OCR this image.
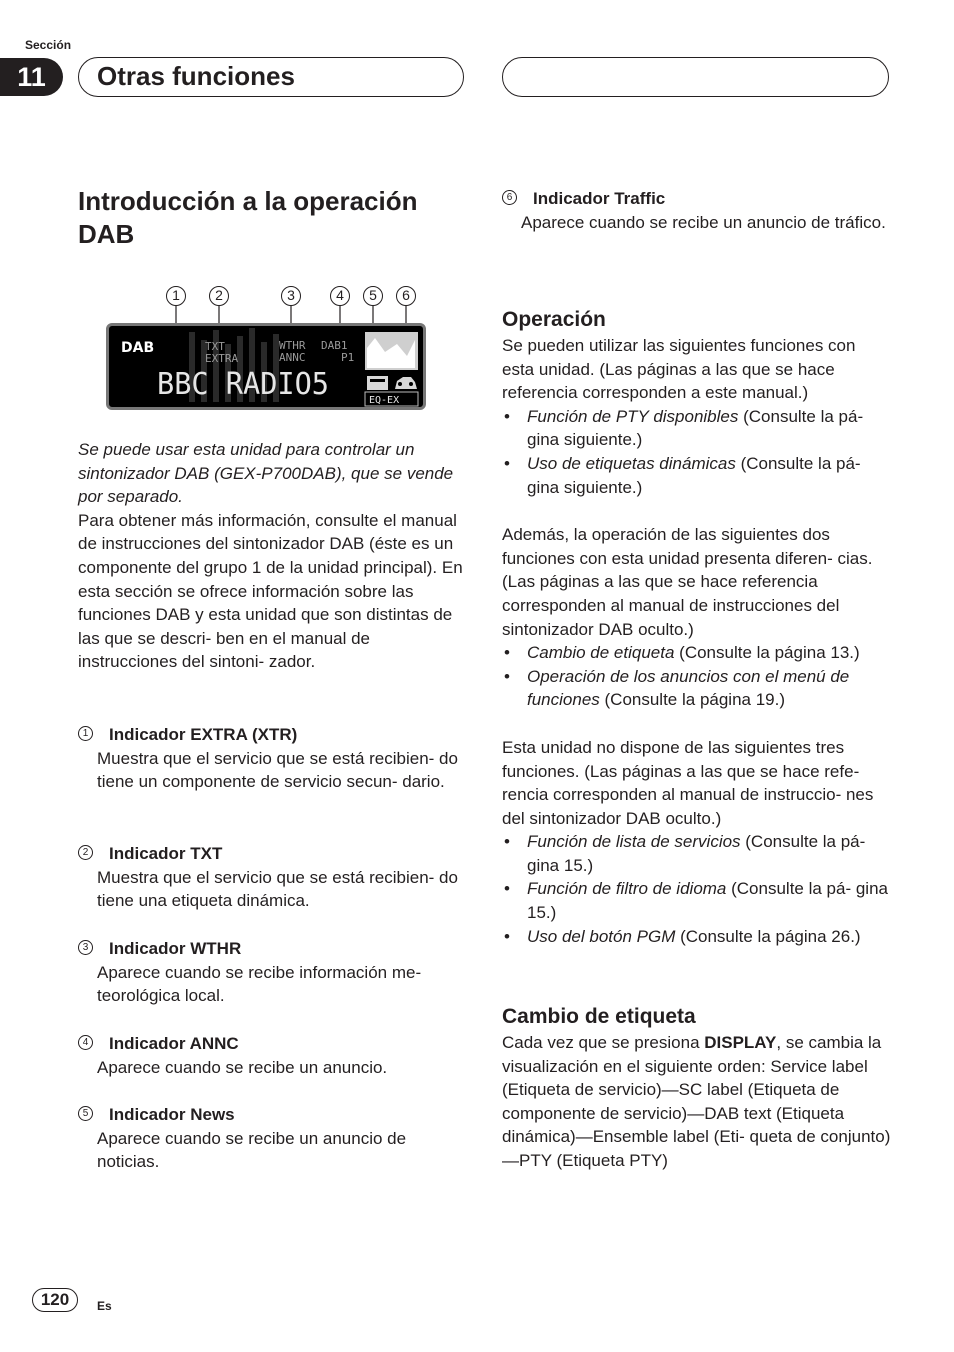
Sección
11	Otras funciones
Introducción a la operación DAB
1	2	3	4	5	6
DAB	TXT
EXTRA
WTHR DAB1
ANNC	P1
BBC RADIO5	EQ-EX

Se puede usar esta unidad para controlar un sintonizador DAB (GEX-P700DAB), que se vende por separado.

Para obtener más información, consulte el manual de instrucciones del sintonizador DAB (éste es un componente del grupo 1 de la unidad principal). En esta sección se ofrece información sobre las funciones DAB y esta unidad que son distintas de las que se descri- ben en el manual de instrucciones del sintoni- zador.

1 Indicador EXTRA (XTR)
Muestra que el servicio que se está recibien- do tiene un componente de servicio secun- dario.
2 Indicador TXT
Muestra que el servicio que se está recibien- do tiene una etiqueta dinámica.
3 Indicador WTHR
Aparece cuando se recibe información me- teorológica local.
4 Indicador ANNC
Aparece cuando se recibe un anuncio.
5 Indicador News
Aparece cuando se recibe un anuncio de noticias.
6 Indicador Traffic
Aparece cuando se recibe un anuncio de tráfico.
Operación

Se pueden utilizar las siguientes funciones con esta unidad. (Las páginas a las que se hace referencia corresponden a este manual.)

• Función de PTY disponibles (Consulte la pá- gina siguiente.)
• Uso de etiquetas dinámicas (Consulte la pá- gina siguiente.)

Además, la operación de las siguientes dos funciones con esta unidad presenta diferen- cias. (Las páginas a las que se hace referencia corresponden al manual de instrucciones del sintonizador DAB oculto.)

• Cambio de etiqueta (Consulte la página 13.)
• Operación de los anuncios con el menú de funciones (Consulte la página 19.)

Esta unidad no dispone de las siguientes tres funciones. (Las páginas a las que se hace refe- rencia corresponden al manual de instruccio- nes del sintonizador DAB oculto.)

• Función de lista de servicios (Consulte la pá- gina 15.)
• Función de filtro de idioma (Consulte la pá- gina 15.)
• Uso del botón PGM (Consulte la página 26.)
Cambio de etiqueta

Cada vez que se presiona DISPLAY, se cambia la visualización en el siguiente orden: Service label (Etiqueta de servicio)—SC label (Etiqueta de componente de servicio)—DAB text (Etiqueta dinámica)—Ensemble label (Eti- queta de conjunto)—PTY (Etiqueta PTY)

120	Es
